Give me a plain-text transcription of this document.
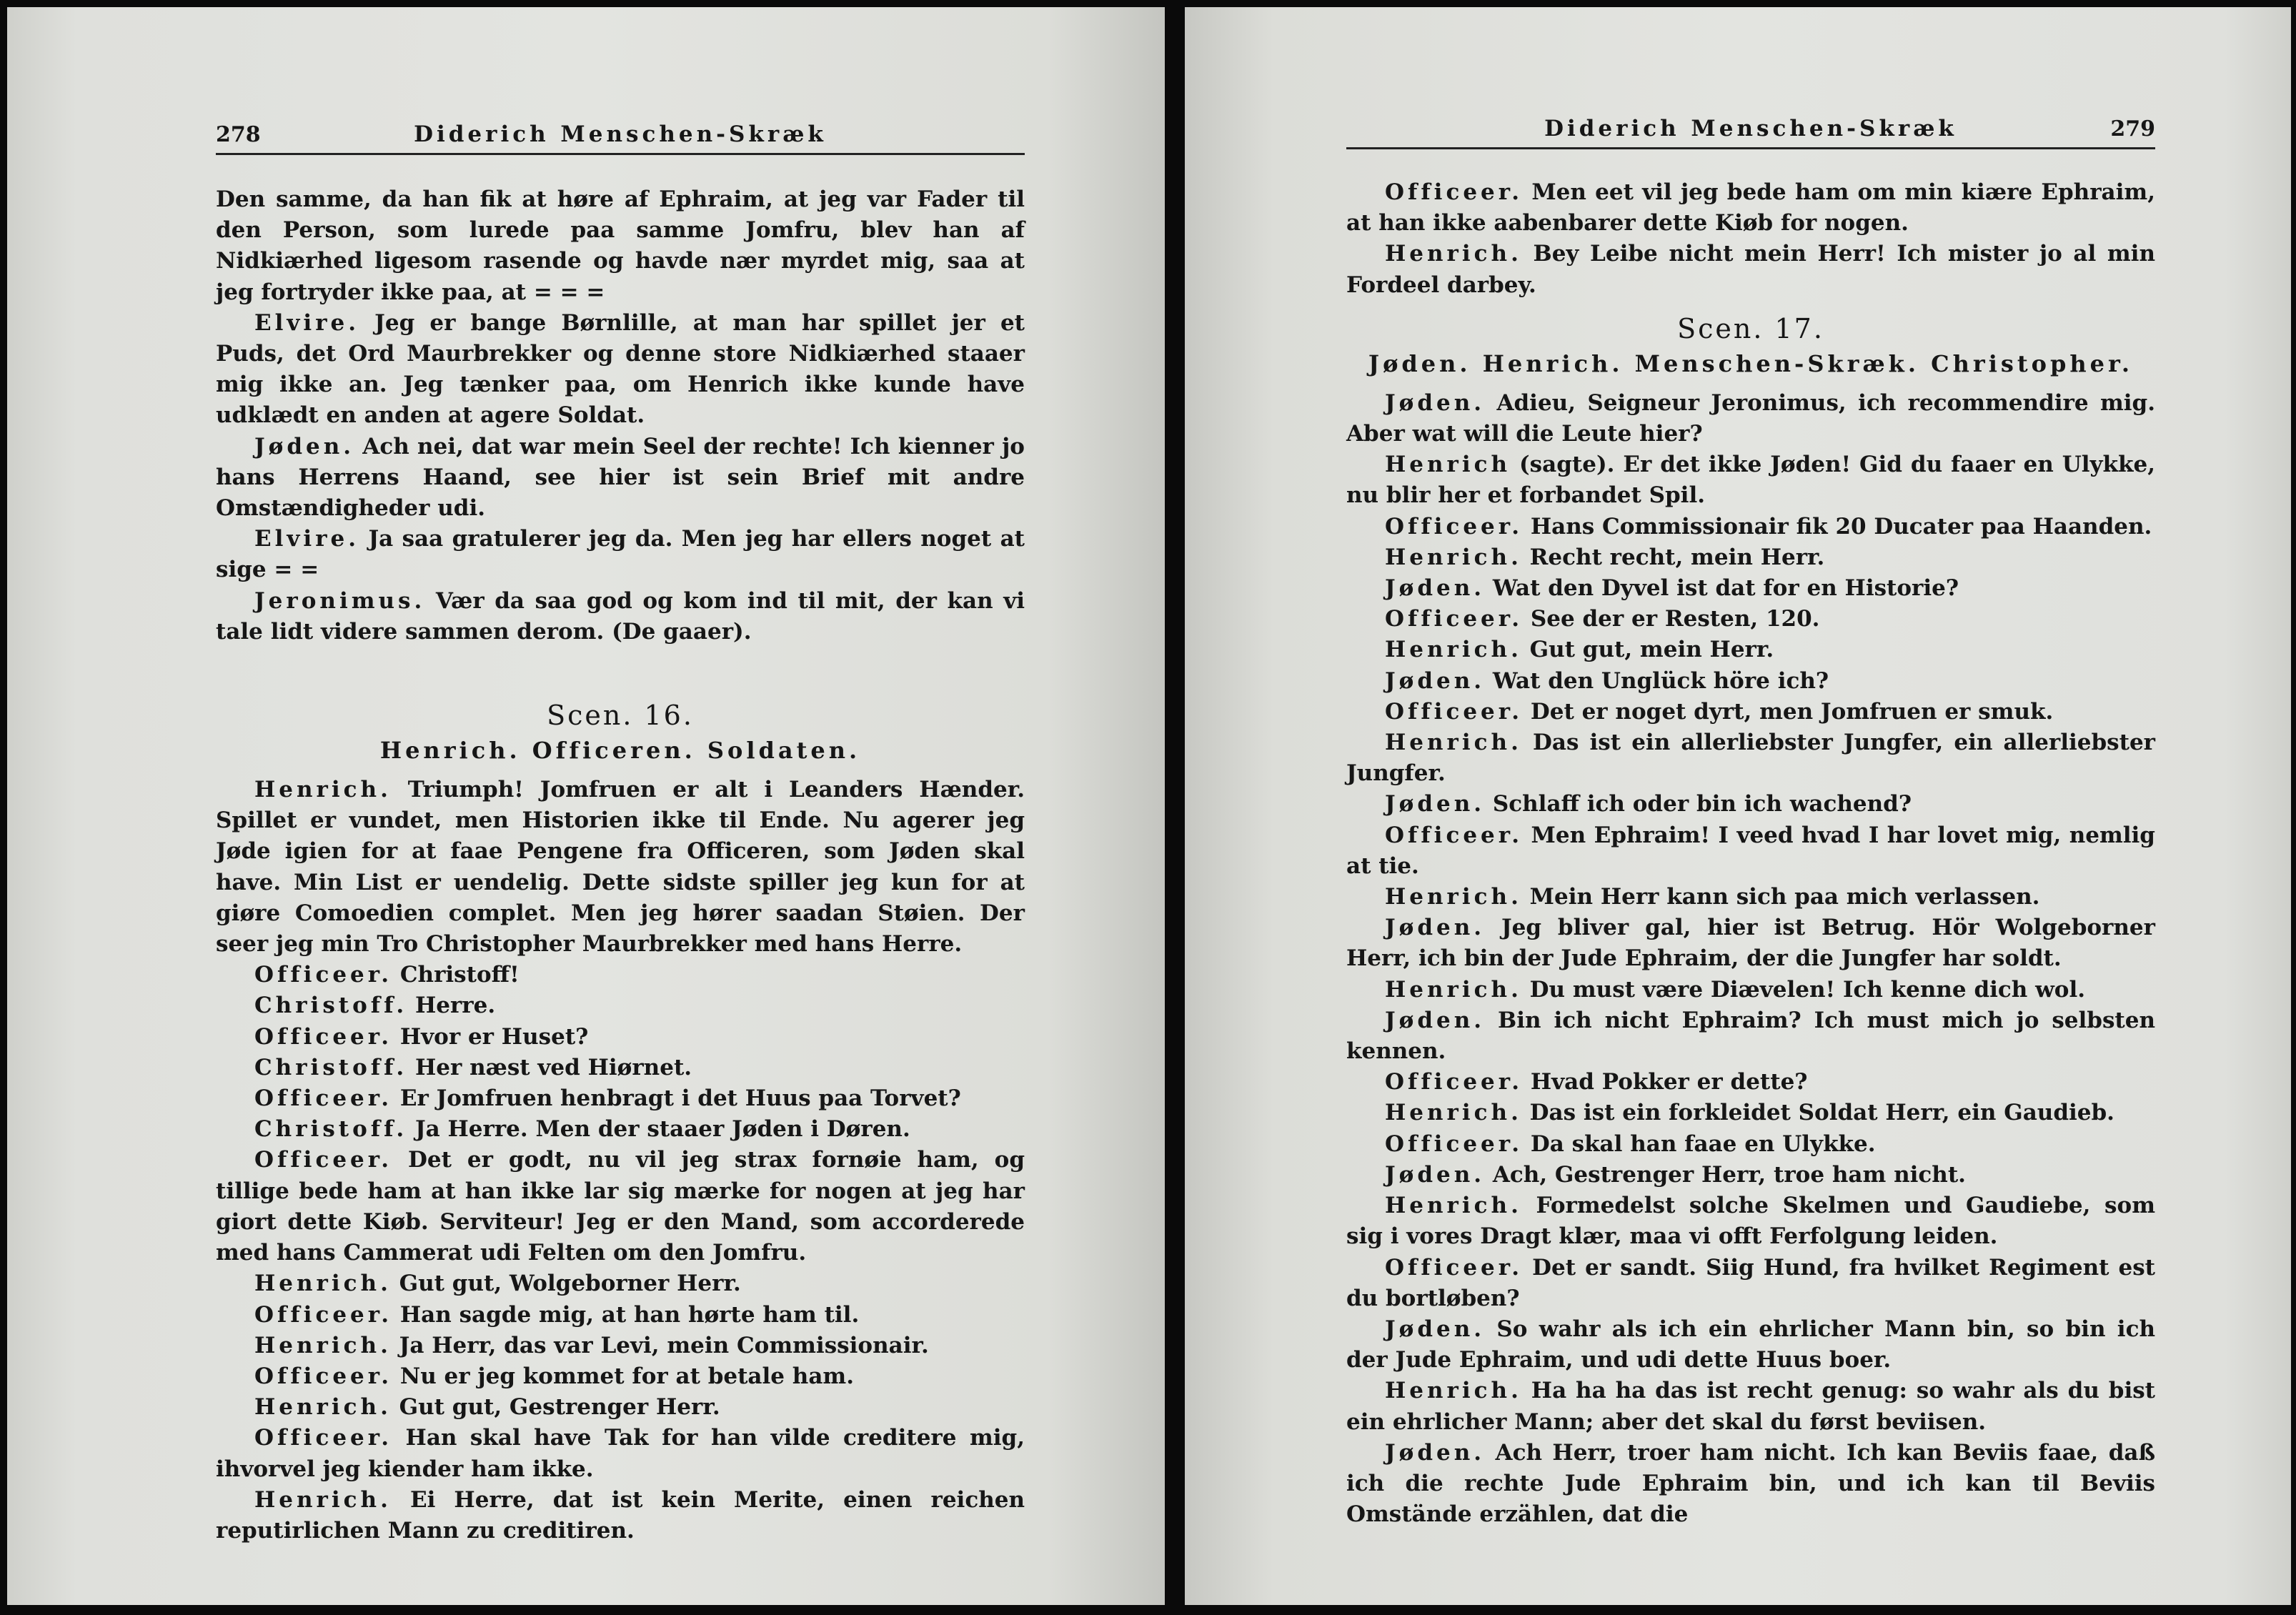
278	Diderich Menschen-Skræk

Den samme, da han fik at høre af Ephraim, at jeg var Fader til den Person, som lurede paa samme Jomfru, blev han af Nidkiærhed ligesom rasende og havde nær myrdet mig, saa at jeg fortryder ikke paa, at = = =

Elvire. Jeg er bange Børnlille, at man har spillet jer et Puds, det Ord Maurbrekker og denne store Nidkiærhed staaer mig ikke an. Jeg tænker paa, om Henrich ikke kunde have udklædt en anden at agere Soldat.

Jøden. Ach nei, dat war mein Seel der rechte! Ich kienner jo hans Herrens Haand, see hier ist sein Brief mit andre Omstændigheder udi.

Elvire. Ja saa gratulerer jeg da. Men jeg har ellers noget at sige = =

Jeronimus. Vær da saa god og kom ind til mit, der kan vi tale lidt videre sammen derom. (De gaaer).

Scen. 16.

Henrich. Officeren. Soldaten.

Henrich. Triumph! Jomfruen er alt i Leanders Hænder. Spillet er vundet, men Historien ikke til Ende. Nu agerer jeg Jøde igien for at faae Pengene fra Officeren, som Jøden skal have. Min List er uendelig. Dette sidste spiller jeg kun for at giøre Comoedien complet. Men jeg hører saadan Støien. Der seer jeg min Tro Christopher Maurbrekker med hans Herre.

Officeer. Christoff!

Christoff. Herre.

Officeer. Hvor er Huset?

Christoff. Her næst ved Hiørnet.

Officeer. Er Jomfruen henbragt i det Huus paa Torvet?

Christoff. Ja Herre. Men der staaer Jøden i Døren.

Officeer. Det er godt, nu vil jeg strax fornøie ham, og tillige bede ham at han ikke lar sig mærke for nogen at jeg har giort dette Kiøb. Serviteur! Jeg er den Mand, som accorderede med hans Cammerat udi Felten om den Jomfru.

Henrich. Gut gut, Wolgeborner Herr.

Officeer. Han sagde mig, at han hørte ham til.

Henrich. Ja Herr, das var Levi, mein Commissionair.

Officeer. Nu er jeg kommet for at betale ham.

Henrich. Gut gut, Gestrenger Herr.

Officeer. Han skal have Tak for han vilde creditere mig, ihvorvel jeg kiender ham ikke.

Henrich. Ei Herre, dat ist kein Merite, einen reichen reputirlichen Mann zu creditiren.

Diderich Menschen-Skræk	279

Officeer. Men eet vil jeg bede ham om min kiære Ephraim, at han ikke aabenbarer dette Kiøb for nogen.

Henrich. Bey Leibe nicht mein Herr! Ich mister jo al min Fordeel darbey.

Scen. 17.

Jøden. Henrich. Menschen-Skræk. Christopher.

Jøden. Adieu, Seigneur Jeronimus, ich recommendire mig. Aber wat will die Leute hier?

Henrich (sagte). Er det ikke Jøden! Gid du faaer en Ulykke, nu blir her et forbandet Spil.

Officeer. Hans Commissionair fik 20 Ducater paa Haanden.

Henrich. Recht recht, mein Herr.

Jøden. Wat den Dyvel ist dat for en Historie?

Officeer. See der er Resten, 120.

Henrich. Gut gut, mein Herr.

Jøden. Wat den Unglück höre ich?

Officeer. Det er noget dyrt, men Jomfruen er smuk.

Henrich. Das ist ein allerliebster Jungfer, ein allerliebster Jungfer.

Jøden. Schlaff ich oder bin ich wachend?

Officeer. Men Ephraim! I veed hvad I har lovet mig, nemlig at tie.

Henrich. Mein Herr kann sich paa mich verlassen.

Jøden. Jeg bliver gal, hier ist Betrug. Hör Wolgeborner Herr, ich bin der Jude Ephraim, der die Jungfer har soldt.

Henrich. Du must være Diævelen! Ich kenne dich wol.

Jøden. Bin ich nicht Ephraim? Ich must mich jo selbsten kennen.

Officeer. Hvad Pokker er dette?

Henrich. Das ist ein forkleidet Soldat Herr, ein Gaudieb.

Officeer. Da skal han faae en Ulykke.

Jøden. Ach, Gestrenger Herr, troe ham nicht.

Henrich. Formedelst solche Skelmen und Gaudiebe, som sig i vores Dragt klær, maa vi offt Ferfolgung leiden.

Officeer. Det er sandt. Siig Hund, fra hvilket Regiment est du bortløben?

Jøden. So wahr als ich ein ehrlicher Mann bin, so bin ich der Jude Ephraim, und udi dette Huus boer.

Henrich. Ha ha ha das ist recht genug: so wahr als du bist ein ehrlicher Mann; aber det skal du først beviisen.

Jøden. Ach Herr, troer ham nicht. Ich kan Beviis faae, daß ich die rechte Jude Ephraim bin, und ich kan til Beviis Omstände erzählen, dat die
